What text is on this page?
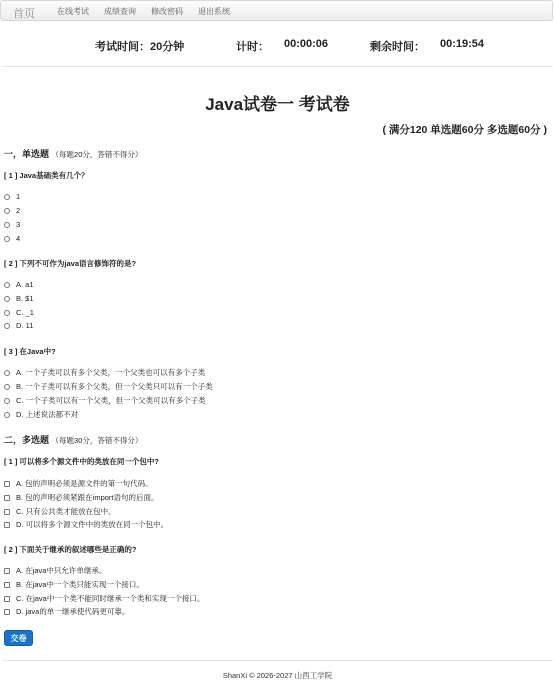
首页	在线考试 成绩查询 修改密码 退出系统
考试时间：20分钟	计时： 00:00:06	剩余时间： 00:19:54
Java试卷一 考试卷
( 满分120 单选题60分 多选题60分 )
一，单选题 （每题20分，答错不得分）
[ 1 ] Java基础类有几个？
1
2
3
4
[ 2 ] 下列不可作为java语言修饰符的是?
A. a1
B. $1
C. _1
D. 11
[ 3 ] 在Java中?
A. 一个子类可以有多个父类，一个父类也可以有多个子类
B. 一个子类可以有多个父类，但一个父类只可以有一个子类
C. 一个子类可以有一个父类，但一个父类可以有多个子类
D. 上述说法都不对
二，多选题 （每题30分，答错不得分）
[ 1 ] 可以将多个源文件中的类放在同一个包中?
A. 包的声明必须是源文件的第一句代码。
B. 包的声明必须紧跟在import语句的后面。
C. 只有公共类才能放在包中。
D. 可以将多个源文件中的类放在同一个包中。
[ 2 ] 下面关于继承的叙述哪些是正确的?
A. 在java中只允许单继承。
B. 在java中一个类只能实现一个接口。
C. 在java中一个类不能同时继承一个类和实现一个接口。
D. java的单一继承使代码更可靠。
交卷
ShanXi © 2026-2027 山西工学院
